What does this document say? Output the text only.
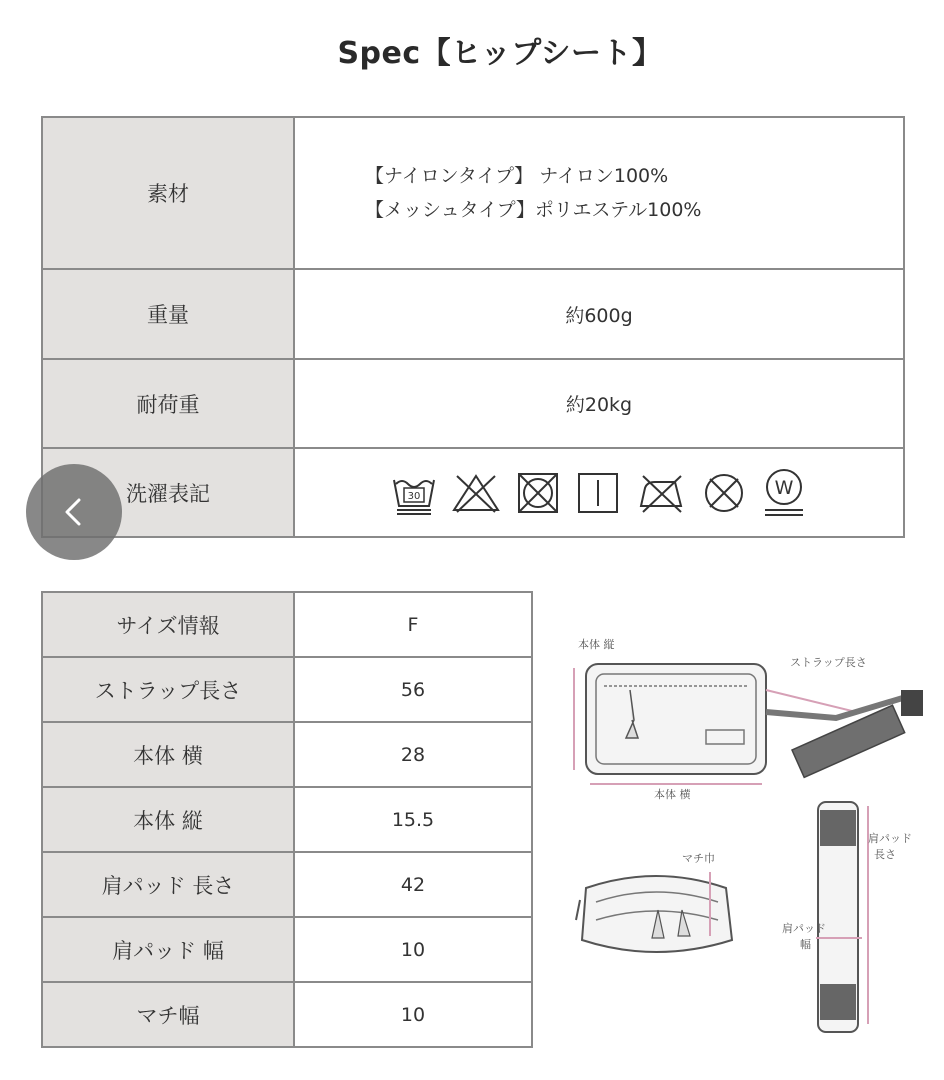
Spec【ヒップシート】
素材	【ナイロンタイプ】 ナイロン100%
【メッシュタイプ】ポリエステル100%

重量	約600g
耐荷重	約20kg
洗濯表記	30 W
サイズ情報	F
ストラップ長さ	56
本体 横	28
本体 縦	15.5
肩パッド 長さ	42
肩パッド 幅	10
マチ幅	10
本体 縦
本体 横
ストラップ長さ
マチ巾
肩パッド
長さ
肩パッド
幅
